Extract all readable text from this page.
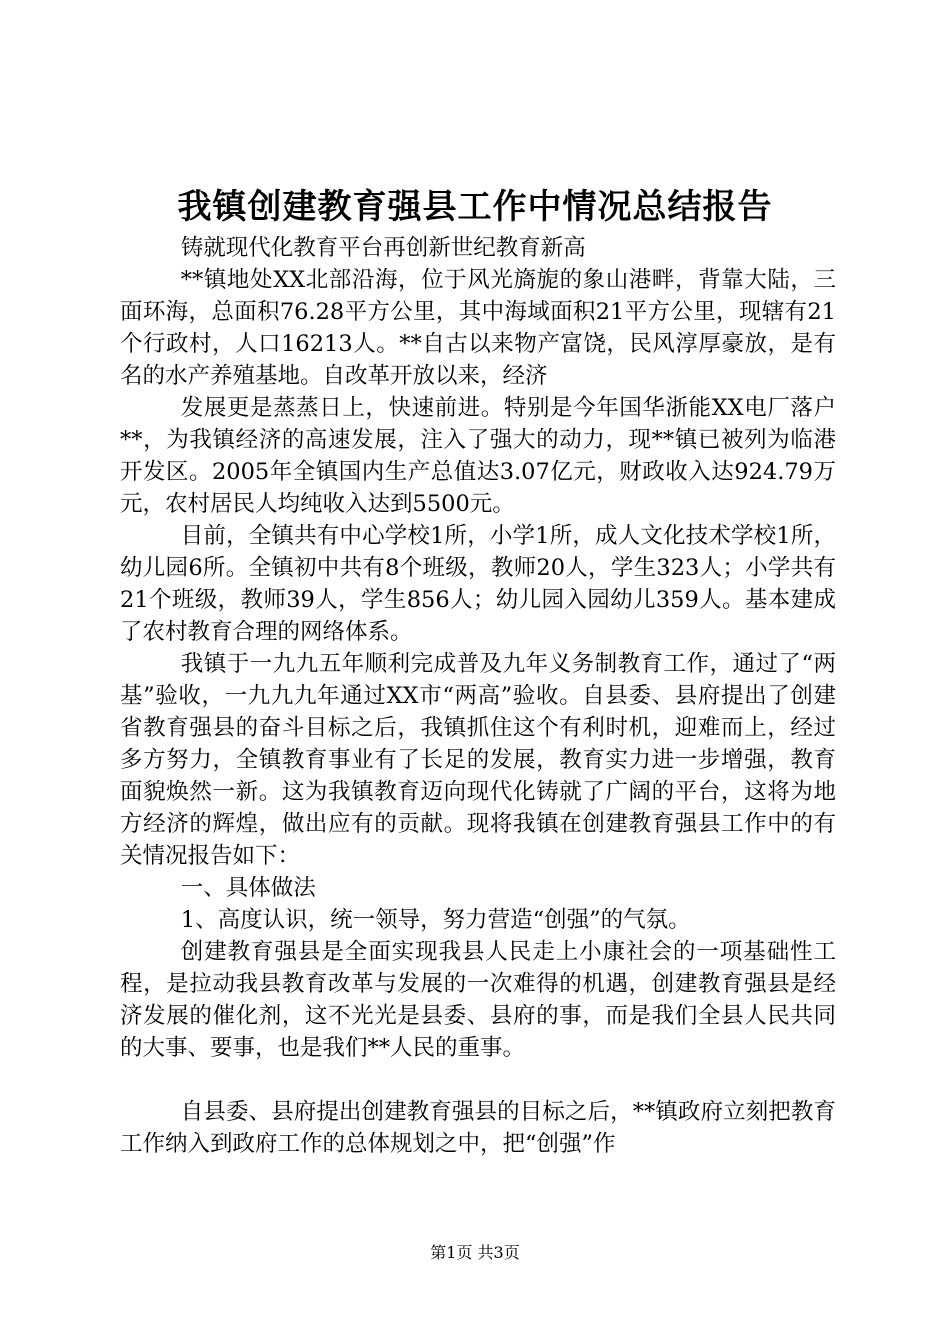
我镇创建教育强县工作中情况总结报告

铸就现代化教育平台再创新世纪教育新高

**镇地处XX北部沿海，位于风光旖旎的象山港畔，背靠大陆，三面环海，总面积76.28平方公里，其中海域面积21平方公里，现辖有21个行政村，人口16213人。**自古以来物产富饶，民风淳厚豪放，是有名的水产养殖基地。自改革开放以来，经济

发展更是蒸蒸日上，快速前进。特别是今年国华浙能XX电厂落户**，为我镇经济的高速发展，注入了强大的动力，现**镇已被列为临港开发区。2005年全镇国内生产总值达3.07亿元，财政收入达924.79万元，农村居民人均纯收入达到5500元。

目前，全镇共有中心学校1所，小学1所，成人文化技术学校1所，幼儿园6所。全镇初中共有8个班级，教师20人，学生323人；小学共有21个班级，教师39人，学生856人；幼儿园入园幼儿359人。基本建成了农村教育合理的网络体系。

我镇于一九九五年顺利完成普及九年义务制教育工作，通过了“两基”验收，一九九九年通过XX市“两高”验收。自县委、县府提出了创建省教育强县的奋斗目标之后，我镇抓住这个有利时机，迎难而上，经过多方努力，全镇教育事业有了长足的发展，教育实力进一步增强，教育面貌焕然一新。这为我镇教育迈向现代化铸就了广阔的平台，这将为地方经济的辉煌，做出应有的贡献。现将我镇在创建教育强县工作中的有关情况报告如下：

一、具体做法

1、高度认识，统一领导，努力营造“创强”的气氛。

创建教育强县是全面实现我县人民走上小康社会的一项基础性工程，是拉动我县教育改革与发展的一次难得的机遇，创建教育强县是经济发展的催化剂，这不光光是县委、县府的事，而是我们全县人民共同的大事、要事，也是我们**人民的重事。

自县委、县府提出创建教育强县的目标之后，**镇政府立刻把教育工作纳入到政府工作的总体规划之中，把“创强”作

第1页 共3页
